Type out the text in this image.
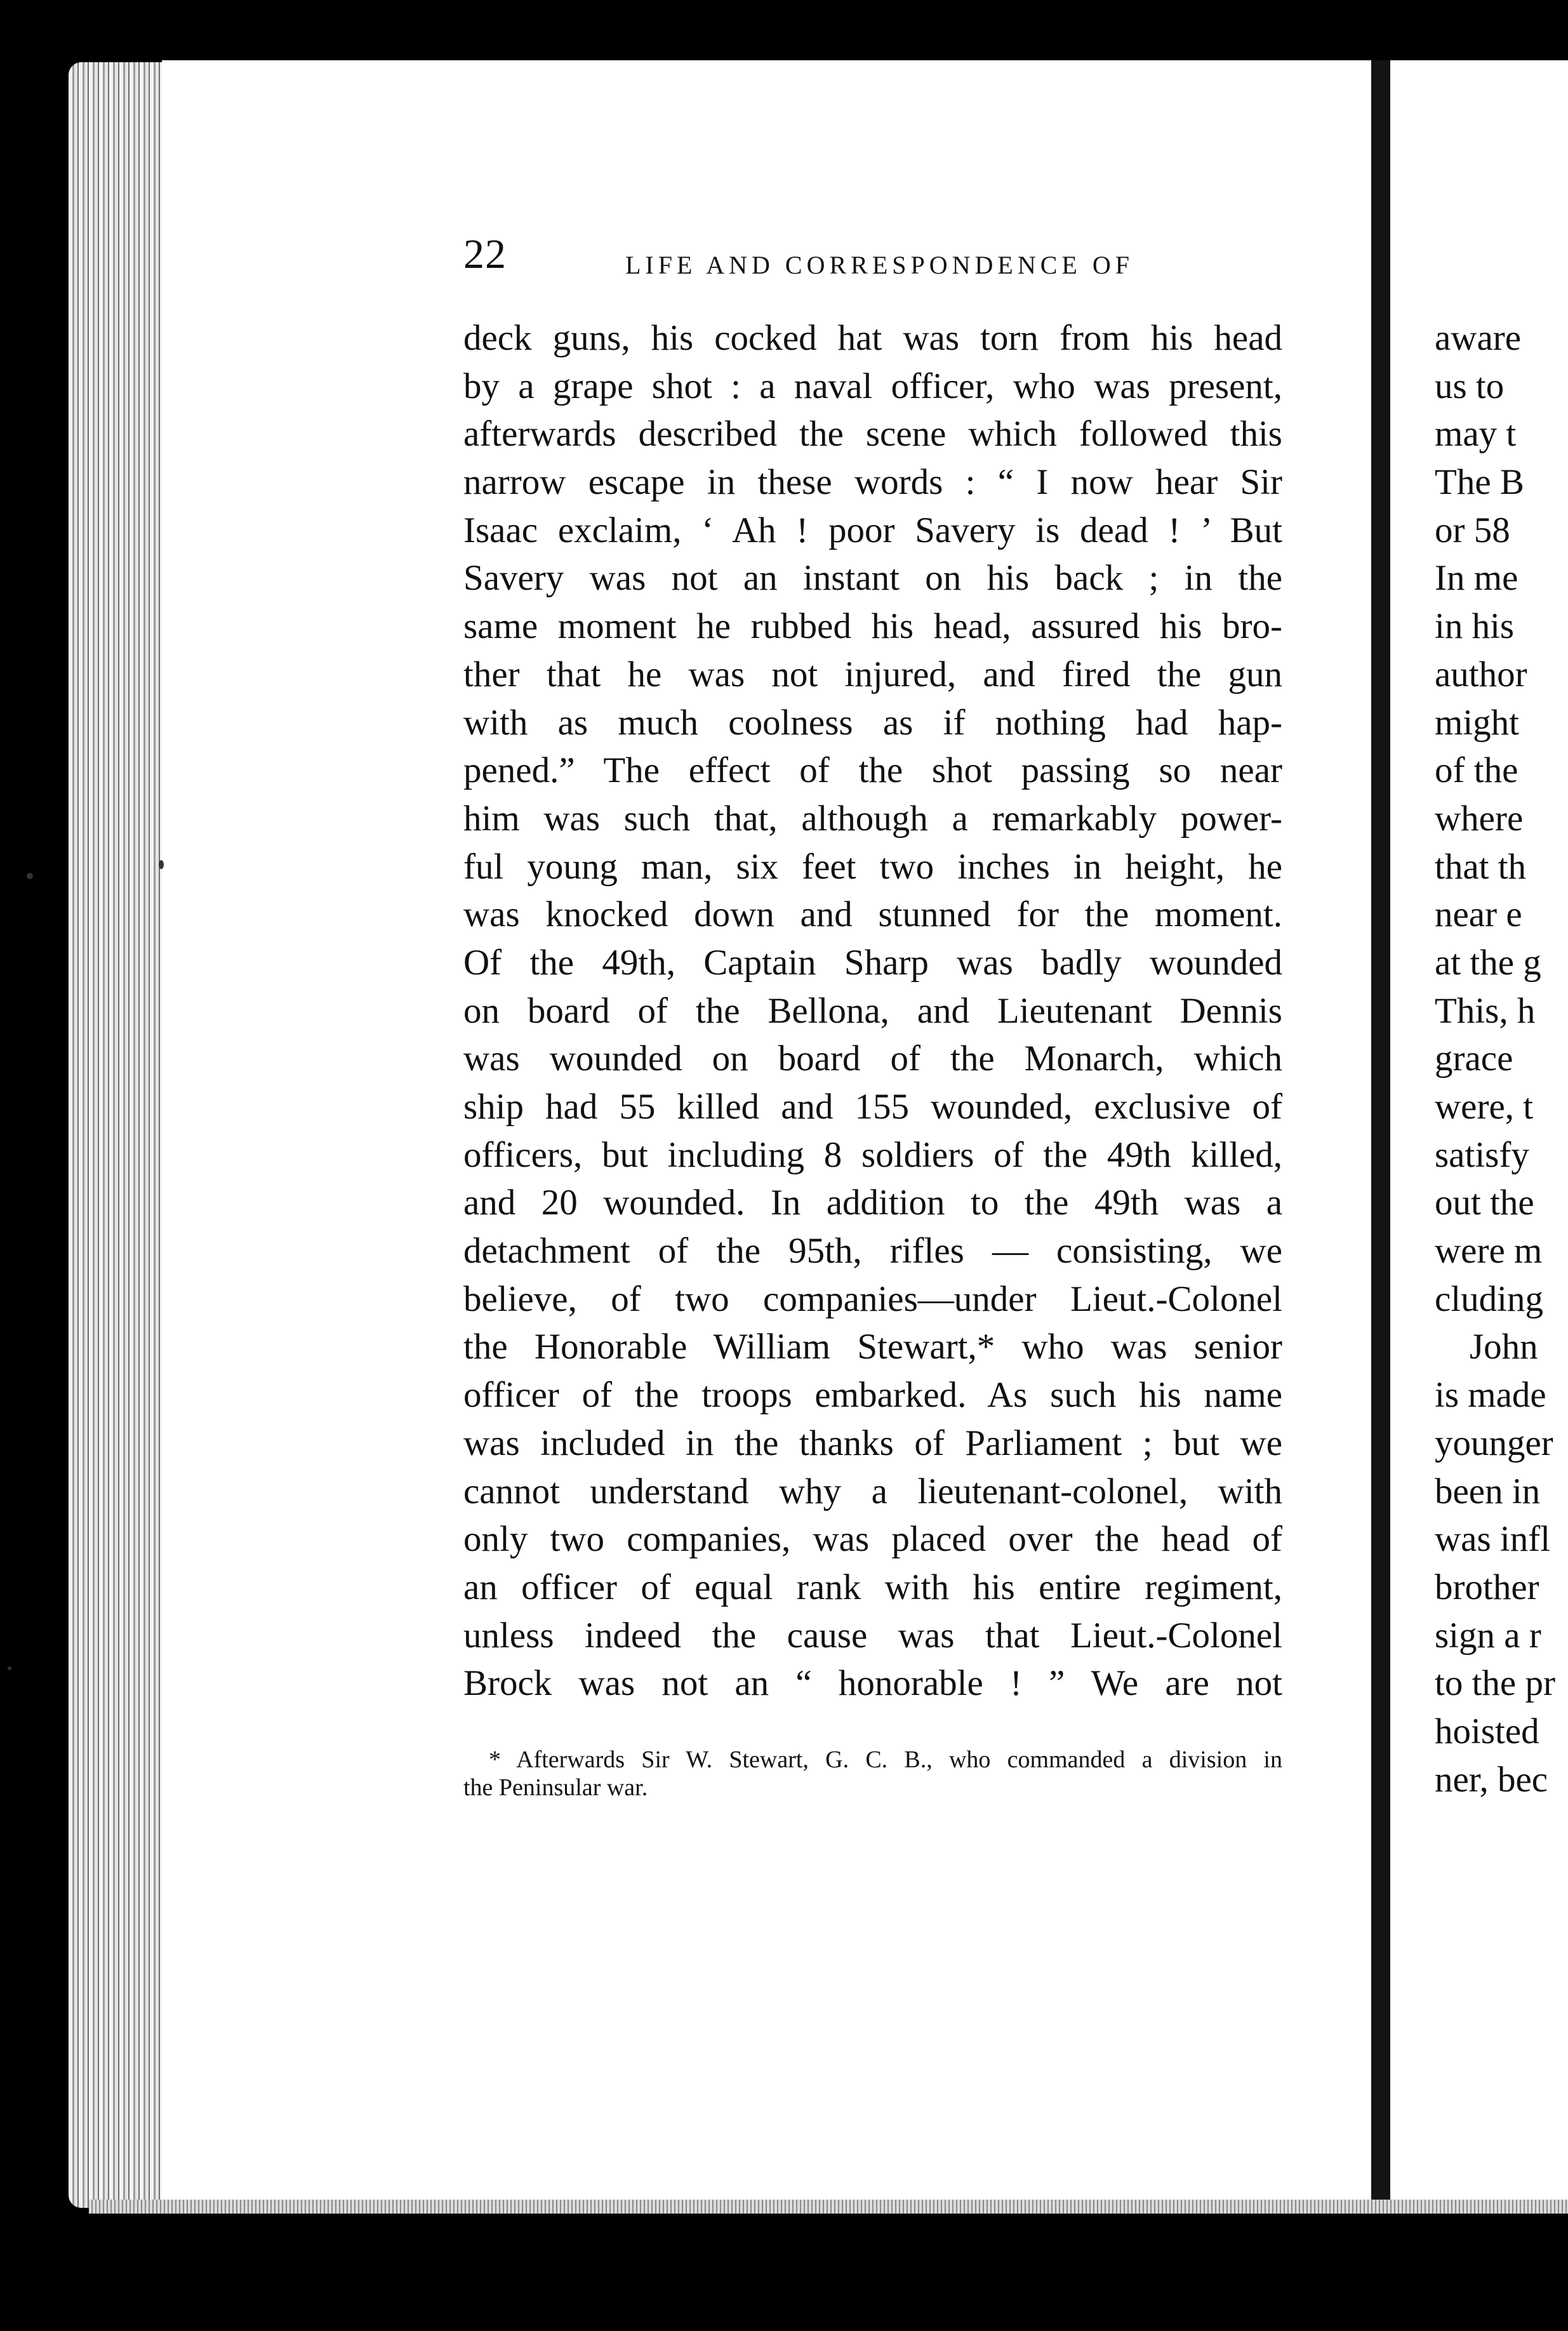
22	LIFE AND CORRESPONDENCE OF
deck guns, his cocked hat was torn from his head
by a grape shot : a naval officer, who was present,
afterwards described the scene which followed this
narrow escape in these words : “ I now hear Sir
Isaac exclaim, ‘ Ah ! poor Savery is dead ! ’ But
Savery was not an instant on his back ; in the
same moment he rubbed his head, assured his bro-
ther that he was not injured, and fired the gun
with as much coolness as if nothing had hap-
pened.” The effect of the shot passing so near
him was such that, although a remarkably power-
ful young man, six feet two inches in height, he
was knocked down and stunned for the moment.
Of the 49th, Captain Sharp was badly wounded
on board of the Bellona, and Lieutenant Dennis
was wounded on board of the Monarch, which
ship had 55 killed and 155 wounded, exclusive of
officers, but including 8 soldiers of the 49th killed,
and 20 wounded. In addition to the 49th was a
detachment of the 95th, rifles — consisting, we
believe, of two companies—under Lieut.-Colonel
the Honorable William Stewart,* who was senior
officer of the troops embarked. As such his name
was included in the thanks of Parliament ; but we
cannot understand why a lieutenant-colonel, with
only two companies, was placed over the head of
an officer of equal rank with his entire regiment,
unless indeed the cause was that Lieut.-Colonel
Brock was not an “ honorable ! ” We are not
* Afterwards Sir W. Stewart, G. C. B., who commanded a division in
the Peninsular war.
aware
us to
may t
The B
or 58
In me
in his
author
might
of the
where
that th
near e
at the g
This, h
grace
were, t
satisfy
out the
were m
cluding
John
is made
younger
been in
was infl
brother
sign a r
to the pr
hoisted
ner, bec
